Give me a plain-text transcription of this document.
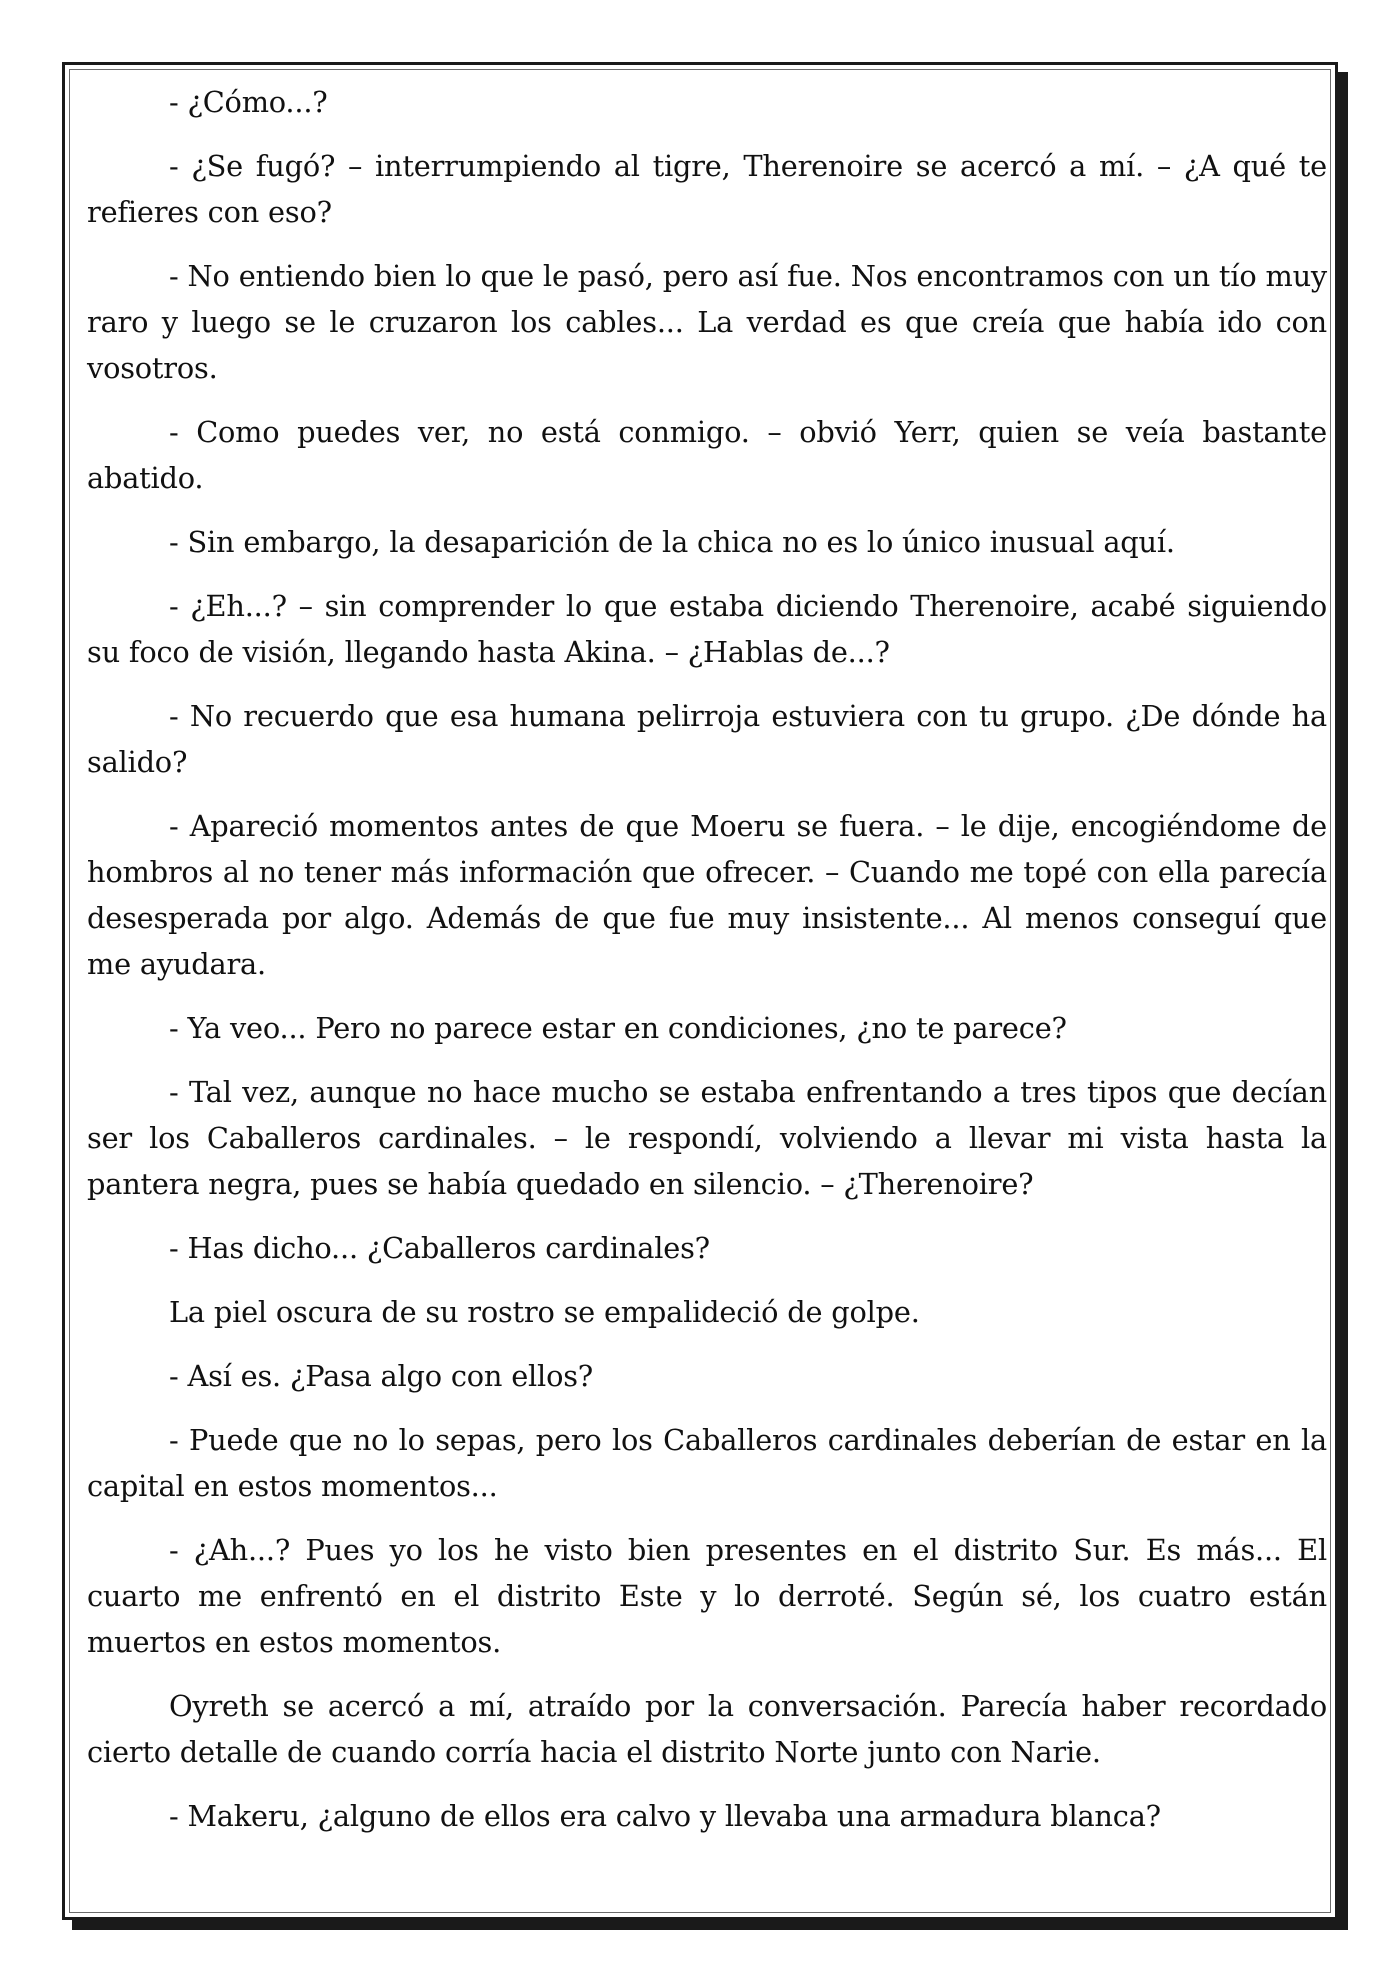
- ¿Cómo...?

- ¿Se fugó? – interrumpiendo al tigre, Therenoire se acercó a mí. – ¿A qué te refieres con eso?

- No entiendo bien lo que le pasó, pero así fue. Nos encontramos con un tío muy raro y luego se le cruzaron los cables... La verdad es que creía que había ido con vosotros.

- Como puedes ver, no está conmigo. – obvió Yerr, quien se veía bastante abatido.

- Sin embargo, la desaparición de la chica no es lo único inusual aquí.

- ¿Eh...? – sin comprender lo que estaba diciendo Therenoire, acabé siguiendo su foco de visión, llegando hasta Akina. – ¿Hablas de...?

- No recuerdo que esa humana pelirroja estuviera con tu grupo. ¿De dónde ha salido?

- Apareció momentos antes de que Moeru se fuera. – le dije, encogiéndome de hombros al no tener más información que ofrecer. – Cuando me topé con ella parecía desesperada por algo. Además de que fue muy insistente... Al menos conseguí que me ayudara.

- Ya veo... Pero no parece estar en condiciones, ¿no te parece?

- Tal vez, aunque no hace mucho se estaba enfrentando a tres tipos que decían ser los Caballeros cardinales. – le respondí, volviendo a llevar mi vista hasta la pantera negra, pues se había quedado en silencio. – ¿Therenoire?

- Has dicho... ¿Caballeros cardinales?

La piel oscura de su rostro se empalideció de golpe.

- Así es. ¿Pasa algo con ellos?

- Puede que no lo sepas, pero los Caballeros cardinales deberían de estar en la capital en estos momentos...

- ¿Ah...? Pues yo los he visto bien presentes en el distrito Sur. Es más... El cuarto me enfrentó en el distrito Este y lo derroté. Según sé, los cuatro están muertos en estos momentos.

Oyreth se acercó a mí, atraído por la conversación. Parecía haber recordado cierto detalle de cuando corría hacia el distrito Norte junto con Narie.

- Makeru, ¿alguno de ellos era calvo y llevaba una armadura blanca?
